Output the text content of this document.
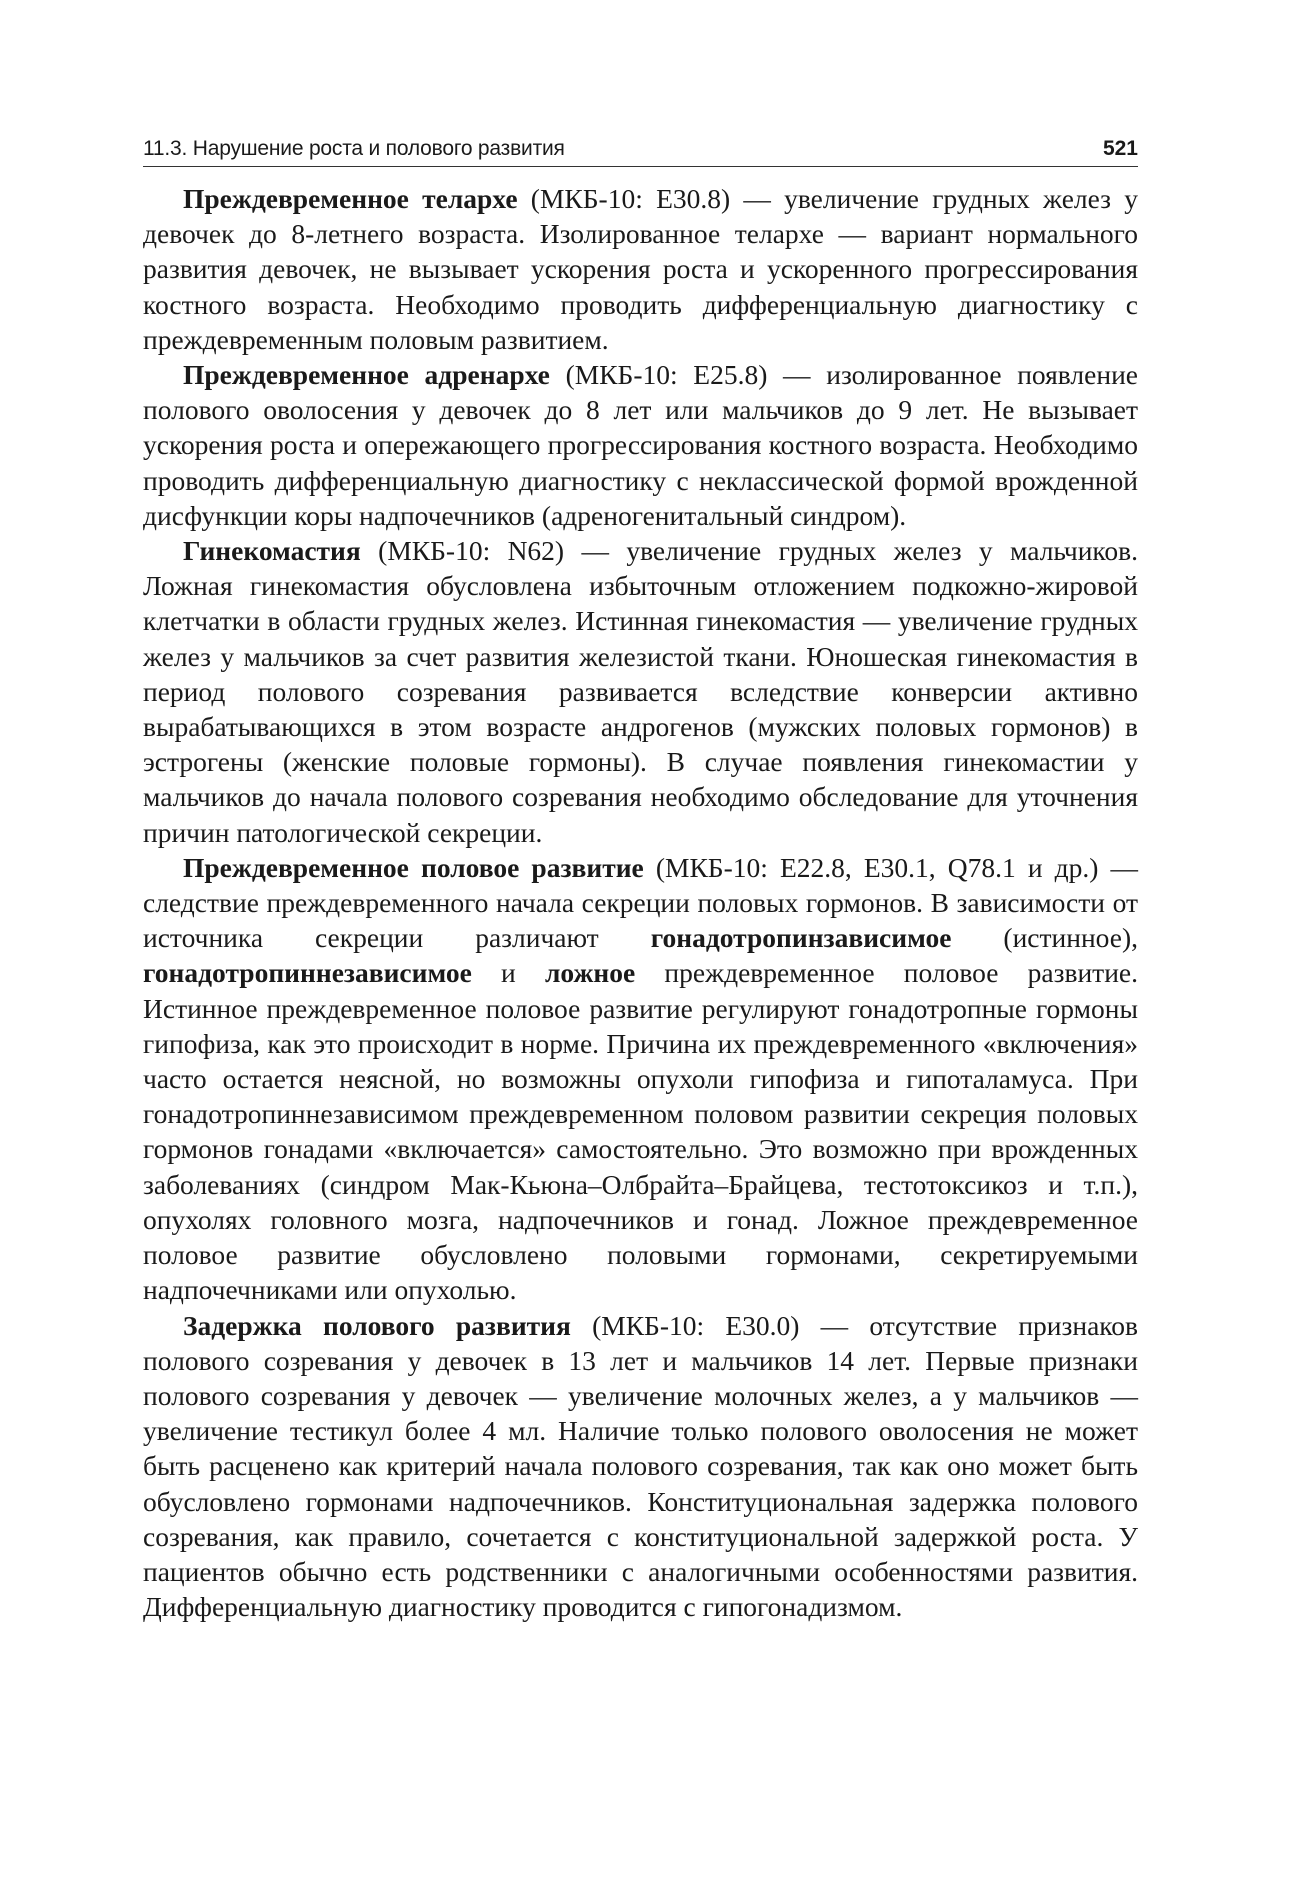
11.3. Нарушение роста и полового развития	521

Преждевременное телархе (МКБ-10: E30.8) — увеличение грудных желез у девочек до 8-летнего возраста. Изолированное телархе — вариант нормального развития девочек, не вызывает ускорения роста и ускоренного прогрессирования костного возраста. Необходимо проводить дифференциальную диагностику с преждевременным половым развитием.

Преждевременное адренархе (МКБ-10: E25.8) — изолированное появление полового оволосения у девочек до 8 лет или мальчиков до 9 лет. Не вызывает ускорения роста и опережающего прогрессирования костного возраста. Необходимо проводить дифференциальную диагностику с неклассической формой врожденной дисфункции коры надпочечников (адреногенитальный синдром).

Гинекомастия (МКБ-10: N62) — увеличение грудных желез у мальчиков. Ложная гинекомастия обусловлена избыточным отложением подкожно-жировой клетчатки в области грудных желез. Истинная гинекомастия — увеличение грудных желез у мальчиков за счет развития железистой ткани. Юношеская гинекомастия в период полового созревания развивается вследствие конверсии активно вырабатывающихся в этом возрасте андрогенов (мужских половых гормонов) в эстрогены (женские половые гормоны). В случае появления гинекомастии у мальчиков до начала полового созревания необходимо обследование для уточнения причин патологической секреции.

Преждевременное половое развитие (МКБ-10: E22.8, E30.1, Q78.1 и др.) — следствие преждевременного начала секреции половых гормонов. В зависимости от источника секреции различают гонадотропинзависимое (истинное), гонадотропиннезависимое и ложное преждевременное половое развитие. Истинное преждевременное половое развитие регулируют гонадотропные гормоны гипофиза, как это происходит в норме. Причина их преждевременного «включения» часто остается неясной, но возможны опухоли гипофиза и гипоталамуса. При гонадотропиннезависимом преждевременном половом развитии секреция половых гормонов гонадами «включается» самостоятельно. Это возможно при врожденных заболеваниях (синдром Мак-Кьюна–Олбрайта–Брайцева, тестотоксикоз и т.п.), опухолях головного мозга, надпочечников и гонад. Ложное преждевременное половое развитие обусловлено половыми гормонами, секретируемыми надпочечниками или опухолью.

Задержка полового развития (МКБ-10: E30.0) — отсутствие признаков полового созревания у девочек в 13 лет и мальчиков 14 лет. Первые признаки полового созревания у девочек — увеличение молочных желез, а у мальчиков — увеличение тестикул более 4 мл. Наличие только полового оволосения не может быть расценено как критерий начала полового созревания, так как оно может быть обусловлено гормонами надпочечников. Конституциональная задержка полового созревания, как правило, сочетается с конституциональной задержкой роста. У пациентов обычно есть родственники с аналогичными особенностями развития. Дифференциальную диагностику проводится с гипогонадизмом.
